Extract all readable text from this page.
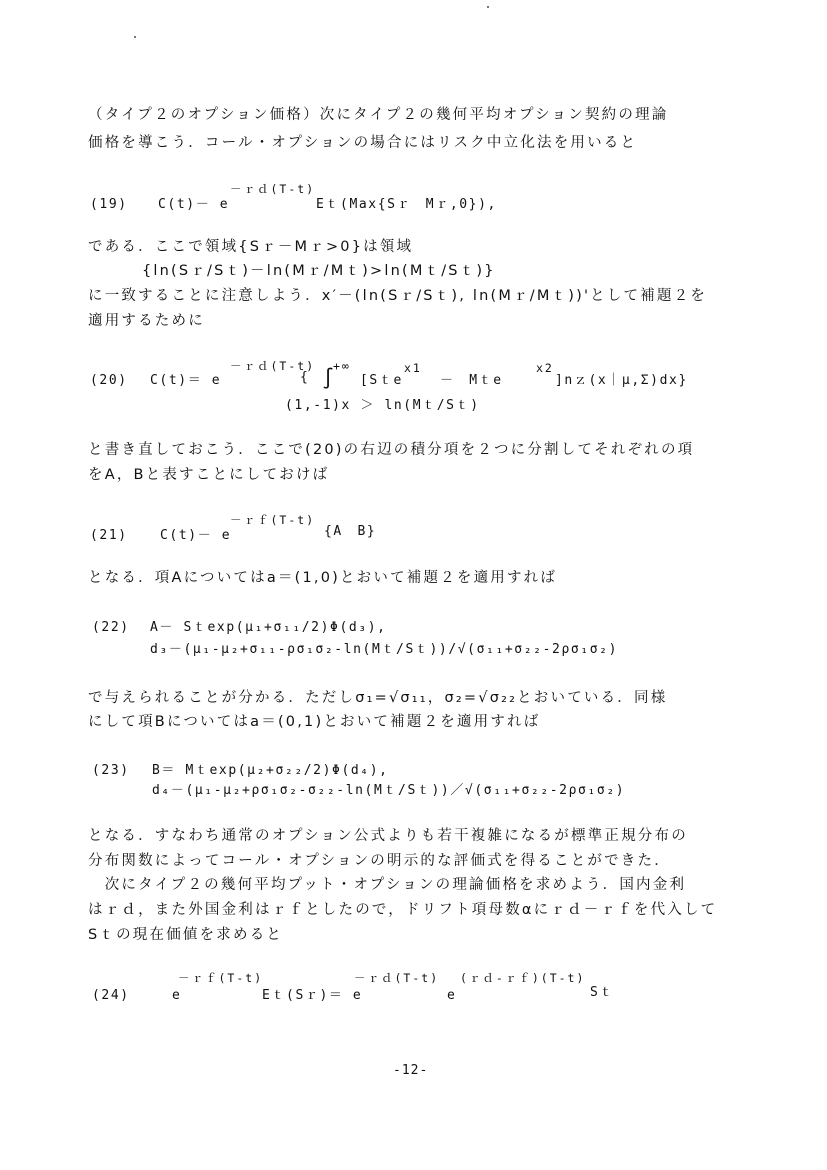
（タイプ２のオプション価格）次にタイプ２の幾何平均オプション契約の理論
価格を導こう．コール・オプションの場合にはリスク中立化法を用いると
(19) C(t)－ e
－ｒｄ(T-t)
Eｔ(Max{Sｒ　Mｒ,0}),
である．ここで領域{Sｒ－Mｒ>0}は領域
{ln(Sｒ/Sｔ)－ln(Mｒ/Mｔ)>ln(Mｔ/Sｔ)}
に一致することに注意しよう．x′－(ln(Sｒ/Sｔ), ln(Mｒ/Mｔ))'として補題２を
適用するために
(20) C(t)＝ e
－ｒｄ(T-t)
{ ∫
+∞
[Sｔe
x1
－　Mｔe
x2
]nｚ(x｜μ,Σ)dx}
(1,-1)x ＞ ln(Mｔ/Sｔ)
と書き直しておこう．ここで(20)の右辺の積分項を２つに分割してそれぞれの項
をA，Bと表すことにしておけば
(21) C(t)－ e
－ｒｆ(T-t)
{A　B}
となる．項Aについてはa＝(1,0)とおいて補題２を適用すれば
(22) A－ Sｔexp(μ₁+σ₁₁/2)Φ(d₃),
d₃－(μ₁-μ₂+σ₁₁-ρσ₁σ₂-ln(Mｔ/Sｔ))/√(σ₁₁+σ₂₂-2ρσ₁σ₂)
で与えられることが分かる．ただしσ₁=√σ₁₁，σ₂=√σ₂₂とおいている．同様
にして項Bについてはa＝(0,1)とおいて補題２を適用すれば
(23) B＝ Mｔexp(μ₂+σ₂₂/2)Φ(d₄),
d₄－(μ₁-μ₂+ρσ₁σ₂-σ₂₂-ln(Mｔ/Sｔ))／√(σ₁₁+σ₂₂-2ρσ₁σ₂)
となる．すなわち通常のオプション公式よりも若干複雑になるが標準正規分布の
分布関数によってコール・オプションの明示的な評価式を得ることができた．
　次にタイプ２の幾何平均プット・オプションの理論価格を求めよう．国内金利
はｒｄ，また外国金利はｒｆとしたので，ドリフト項母数αにｒｄ－ｒｆを代入して
Sｔの現在価値を求めると
(24)	e
－ｒｆ(T-t)
Eｔ(Sｒ)＝ e
－ｒｄ(T-t)
e
(ｒｄ-ｒｆ)(T-t)
Sｔ
-12-
